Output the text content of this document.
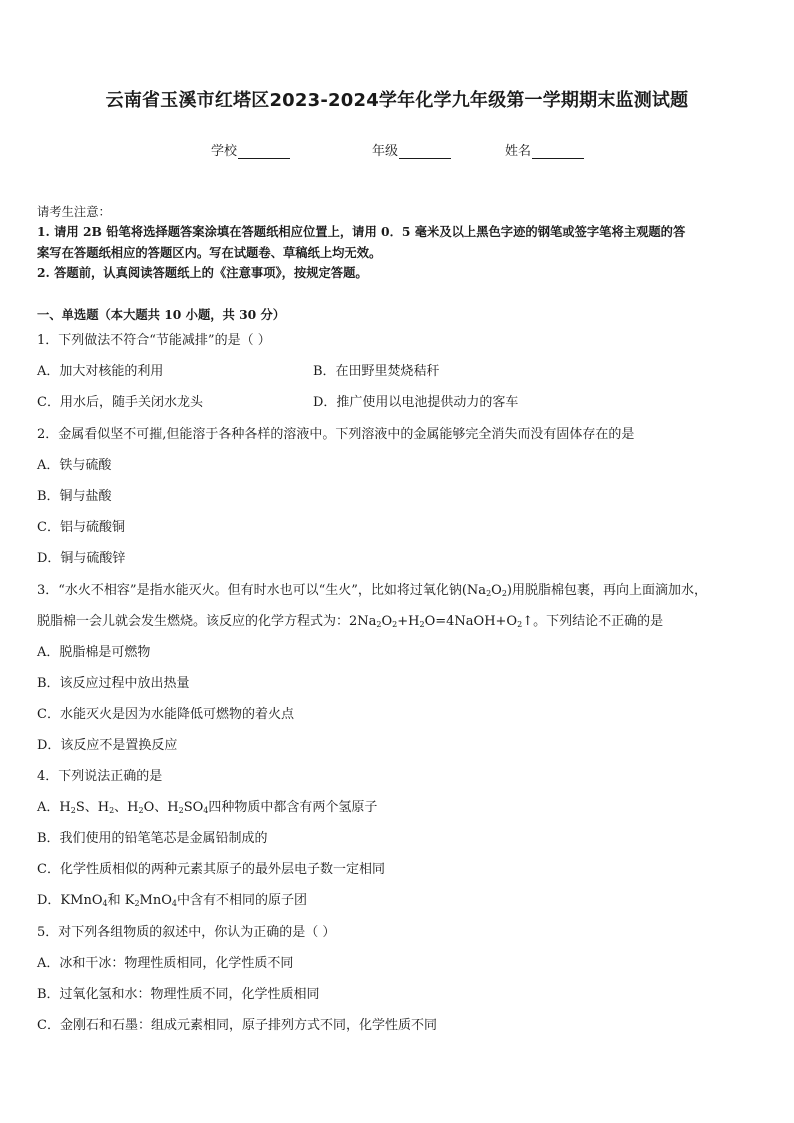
云南省玉溪市红塔区2023-2024学年化学九年级第一学期期末监测试题
学校	年级	姓名
请考生注意：
1. 请用 2B 铅笔将选择题答案涂填在答题纸相应位置上，请用 0．5 毫米及以上黑色字迹的钢笔或签字笔将主观题的答
案写在答题纸相应的答题区内。写在试题卷、草稿纸上均无效。
2. 答题前，认真阅读答题纸上的《注意事项》，按规定答题。
一、单选题（本大题共 10 小题，共 30 分）
1．下列做法不符合“节能减排”的是（ ）
A．加大对核能的利用	B．在田野里焚烧秸秆
C．用水后，随手关闭水龙头	D．推广使用以电池提供动力的客车
2．金属看似坚不可摧,但能溶于各种各样的溶液中。下列溶液中的金属能够完全消失而没有固体存在的是
A．铁与硫酸
B．铜与盐酸
C．铝与硫酸铜
D．铜与硫酸锌
3．“水火不相容”是指水能灭火。但有时水也可以“生火”，比如将过氧化钠$(Na_2O_2)$用脱脂棉包裹，再向上面滴加水，
脱脂棉一会儿就会发生燃烧。该反应的化学方程式为：$2Na_2O_2+H_2O=4NaOH+O_2↑$。下列结论不正确的是
A．脱脂棉是可燃物
B．该反应过程中放出热量
C．水能灭火是因为水能降低可燃物的着火点
D．该反应不是置换反应
4．下列说法正确的是
A．$H_2S$、$H_2$、$H_2O$、$H_2SO_4$四种物质中都含有两个氢原子
B．我们使用的铅笔笔芯是金属铅制成的
C．化学性质相似的两种元素其原子的最外层电子数一定相同
D．KMnO$_4$和 $K_2MnO_4$中含有不相同的原子团
5．对下列各组物质的叙述中，你认为正确的是（ ）
A．冰和干冰：物理性质相同，化学性质不同
B．过氧化氢和水：物理性质不同，化学性质相同
C．金刚石和石墨：组成元素相同，原子排列方式不同，化学性质不同
